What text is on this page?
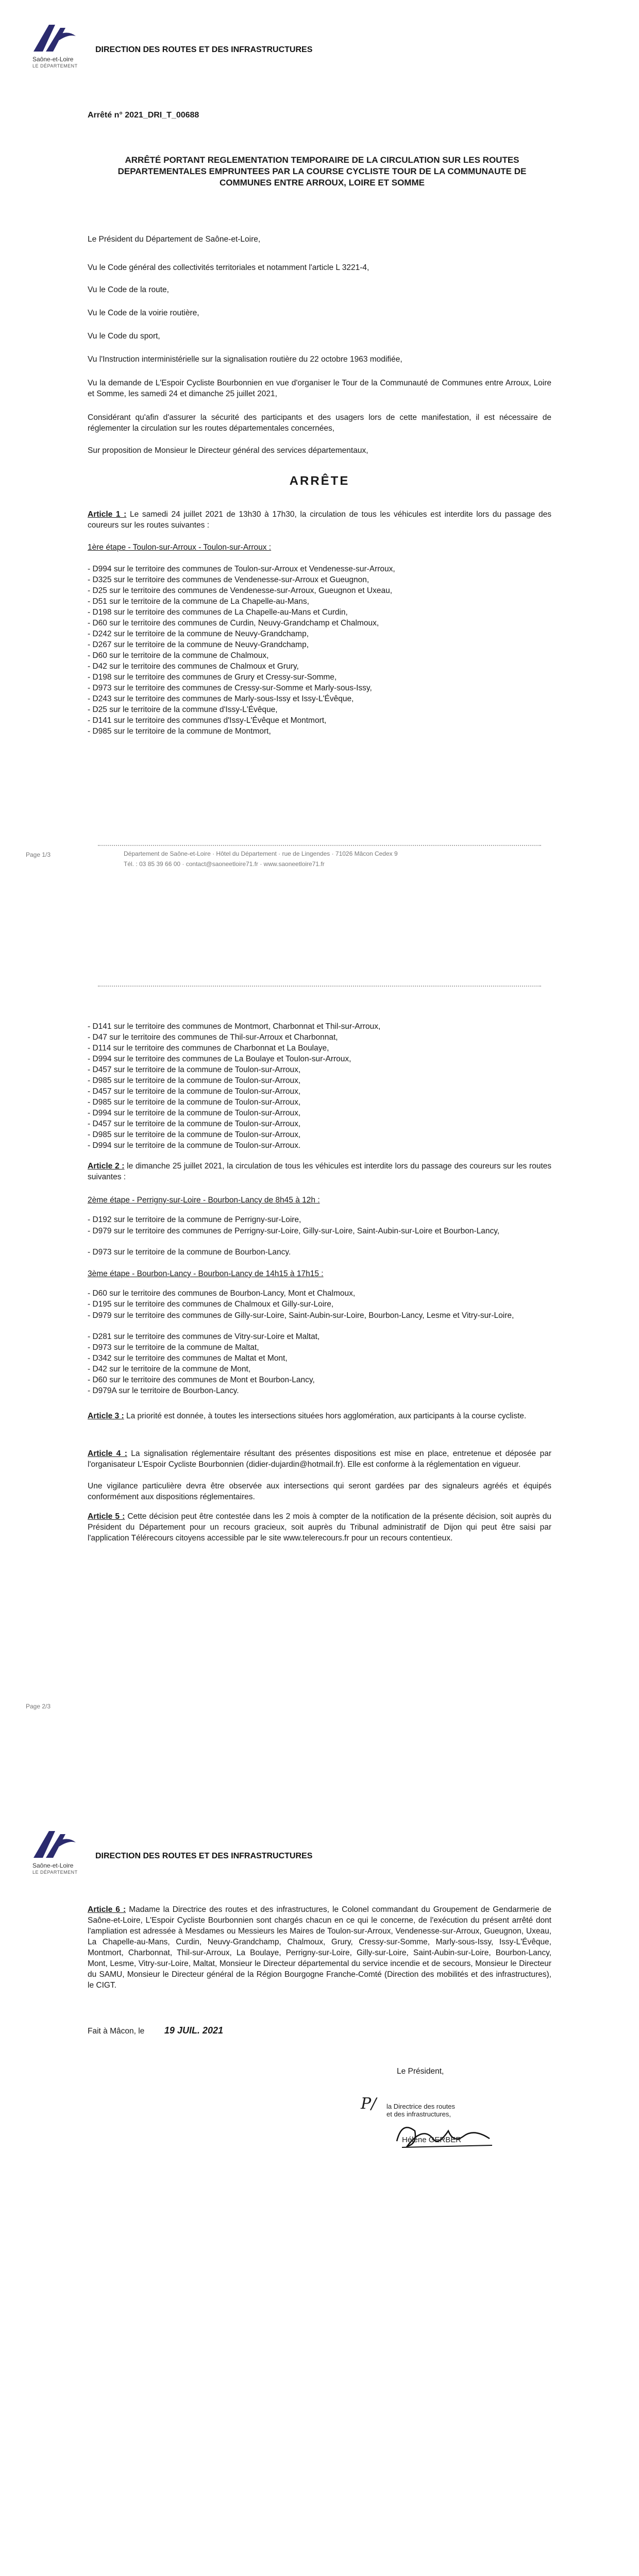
Saône-et-Loire
LE DÉPARTEMENT
DIRECTION DES ROUTES ET DES INFRASTRUCTURES
Arrêté n° 2021_DRI_T_00688
ARRÊTÉ PORTANT REGLEMENTATION TEMPORAIRE DE LA CIRCULATION SUR LES ROUTES DEPARTEMENTALES EMPRUNTEES PAR LA COURSE CYCLISTE TOUR DE LA COMMUNAUTE DE COMMUNES ENTRE ARROUX, LOIRE ET SOMME
Le Président du Département de Saône-et-Loire,
Vu le Code général des collectivités territoriales et notamment l'article L 3221-4,
Vu le Code de la route,
Vu le Code de la voirie routière,
Vu le Code du sport,
Vu l'Instruction interministérielle sur la signalisation routière du 22 octobre 1963 modifiée,
Vu la demande de L'Espoir Cycliste Bourbonnien en vue d'organiser le Tour de la Communauté de Communes entre Arroux, Loire et Somme, les samedi 24 et dimanche 25 juillet 2021,
Considérant qu'afin d'assurer la sécurité des participants et des usagers lors de cette manifestation, il est nécessaire de réglementer la circulation sur les routes départementales concernées,
Sur proposition de Monsieur le Directeur général des services départementaux,
ARRÊTE
Article 1 : Le samedi 24 juillet 2021 de 13h30 à 17h30, la circulation de tous les véhicules est interdite lors du passage des coureurs sur les routes suivantes :
1ère étape - Toulon-sur-Arroux - Toulon-sur-Arroux :
- D994 sur le territoire des communes de Toulon-sur-Arroux et Vendenesse-sur-Arroux,
- D325 sur le territoire des communes de Vendenesse-sur-Arroux et Gueugnon,
- D25 sur le territoire des communes de Vendenesse-sur-Arroux, Gueugnon et Uxeau,
- D51 sur le territoire de la commune de La Chapelle-au-Mans,
- D198 sur le territoire des communes de La Chapelle-au-Mans et Curdin,
- D60 sur le territoire des communes de Curdin, Neuvy-Grandchamp et Chalmoux,
- D242 sur le territoire de la commune de Neuvy-Grandchamp,
- D267 sur le territoire de la commune de Neuvy-Grandchamp,
- D60 sur le territoire de la commune de Chalmoux,
- D42 sur le territoire des communes de Chalmoux et Grury,
- D198 sur le territoire des communes de Grury et Cressy-sur-Somme,
- D973 sur le territoire des communes de Cressy-sur-Somme et Marly-sous-Issy,
- D243 sur le territoire des communes de Marly-sous-Issy et Issy-L'Évêque,
- D25 sur le territoire de la commune d'Issy-L'Évêque,
- D141 sur le territoire des communes d'Issy-L'Évêque et Montmort,
- D985 sur le territoire de la commune de Montmort,
Page 1/3	Département de Saône-et-Loire · Hôtel du Département · rue de Lingendes · 71026 Mâcon Cedex 9
Tél. : 03 85 39 66 00 · contact@saoneetloire71.fr · www.saoneetloire71.fr
- D141 sur le territoire des communes de Montmort, Charbonnat et Thil-sur-Arroux,
- D47 sur le territoire des communes de Thil-sur-Arroux et Charbonnat,
- D114 sur le territoire des communes de Charbonnat et La Boulaye,
- D994 sur le territoire des communes de La Boulaye et Toulon-sur-Arroux,
- D457 sur le territoire de la commune de Toulon-sur-Arroux,
- D985 sur le territoire de la commune de Toulon-sur-Arroux,
- D457 sur le territoire de la commune de Toulon-sur-Arroux,
- D985 sur le territoire de la commune de Toulon-sur-Arroux,
- D994 sur le territoire de la commune de Toulon-sur-Arroux,
- D457 sur le territoire de la commune de Toulon-sur-Arroux,
- D985 sur le territoire de la commune de Toulon-sur-Arroux,
- D994 sur le territoire de la commune de Toulon-sur-Arroux.
Article 2 : le dimanche 25 juillet 2021, la circulation de tous les véhicules est interdite lors du passage des coureurs sur les routes suivantes :
2ème étape - Perrigny-sur-Loire - Bourbon-Lancy de 8h45 à 12h :
- D192 sur le territoire de la commune de Perrigny-sur-Loire,
- D979 sur le territoire des communes de Perrigny-sur-Loire, Gilly-sur-Loire, Saint-Aubin-sur-Loire et Bourbon-Lancy,
- D973 sur le territoire de la commune de Bourbon-Lancy.
3ème étape - Bourbon-Lancy - Bourbon-Lancy de 14h15 à 17h15 :
- D60 sur le territoire des communes de Bourbon-Lancy, Mont et Chalmoux,
- D195 sur le territoire des communes de Chalmoux et Gilly-sur-Loire,
- D979 sur le territoire des communes de Gilly-sur-Loire, Saint-Aubin-sur-Loire, Bourbon-Lancy, Lesme et Vitry-sur-Loire,
- D281 sur le territoire des communes de Vitry-sur-Loire et Maltat,
- D973 sur le territoire de la commune de Maltat,
- D342 sur le territoire des communes de Maltat et Mont,
- D42 sur le territoire de la commune de Mont,
- D60 sur le territoire des communes de Mont et Bourbon-Lancy,
- D979A sur le territoire de Bourbon-Lancy.
Article 3 : La priorité est donnée, à toutes les intersections situées hors agglomération, aux participants à la course cycliste.
Article 4 : La signalisation réglementaire résultant des présentes dispositions est mise en place, entretenue et déposée par l'organisateur L'Espoir Cycliste Bourbonnien (didier-dujardin@hotmail.fr). Elle est conforme à la réglementation en vigueur.
Une vigilance particulière devra être observée aux intersections qui seront gardées par des signaleurs agréés et équipés conformément aux dispositions réglementaires.
Article 5 : Cette décision peut être contestée dans les 2 mois à compter de la notification de la présente décision, soit auprès du Président du Département pour un recours gracieux, soit auprès du Tribunal administratif de Dijon qui peut être saisi par l'application Télérecours citoyens accessible par le site www.telerecours.fr pour un recours contentieux.
Page 2/3
Saône-et-Loire
LE DÉPARTEMENT
DIRECTION DES ROUTES ET DES INFRASTRUCTURES
Article 6 : Madame la Directrice des routes et des infrastructures, le Colonel commandant du Groupement de Gendarmerie de Saône-et-Loire, L'Espoir Cycliste Bourbonnien sont chargés chacun en ce qui le concerne, de l'exécution du présent arrêté dont l'ampliation est adressée à Mesdames ou Messieurs les Maires de Toulon-sur-Arroux, Vendenesse-sur-Arroux, Gueugnon, Uxeau, La Chapelle-au-Mans, Curdin, Neuvy-Grandchamp, Chalmoux, Grury, Cressy-sur-Somme, Marly-sous-Issy, Issy-L'Évêque, Montmort, Charbonnat, Thil-sur-Arroux, La Boulaye, Perrigny-sur-Loire, Gilly-sur-Loire, Saint-Aubin-sur-Loire, Bourbon-Lancy, Mont, Lesme, Vitry-sur-Loire, Maltat, Monsieur le Directeur départemental du service incendie et de secours, Monsieur le Directeur du SAMU, Monsieur le Directeur général de la Région Bourgogne Franche-Comté (Direction des mobilités et des infrastructures), le CIGT.
Fait à Mâcon, le 19 JUIL. 2021
Le Président,
P/ la Directrice des routes
et des infrastructures,
Hélène GERBER
